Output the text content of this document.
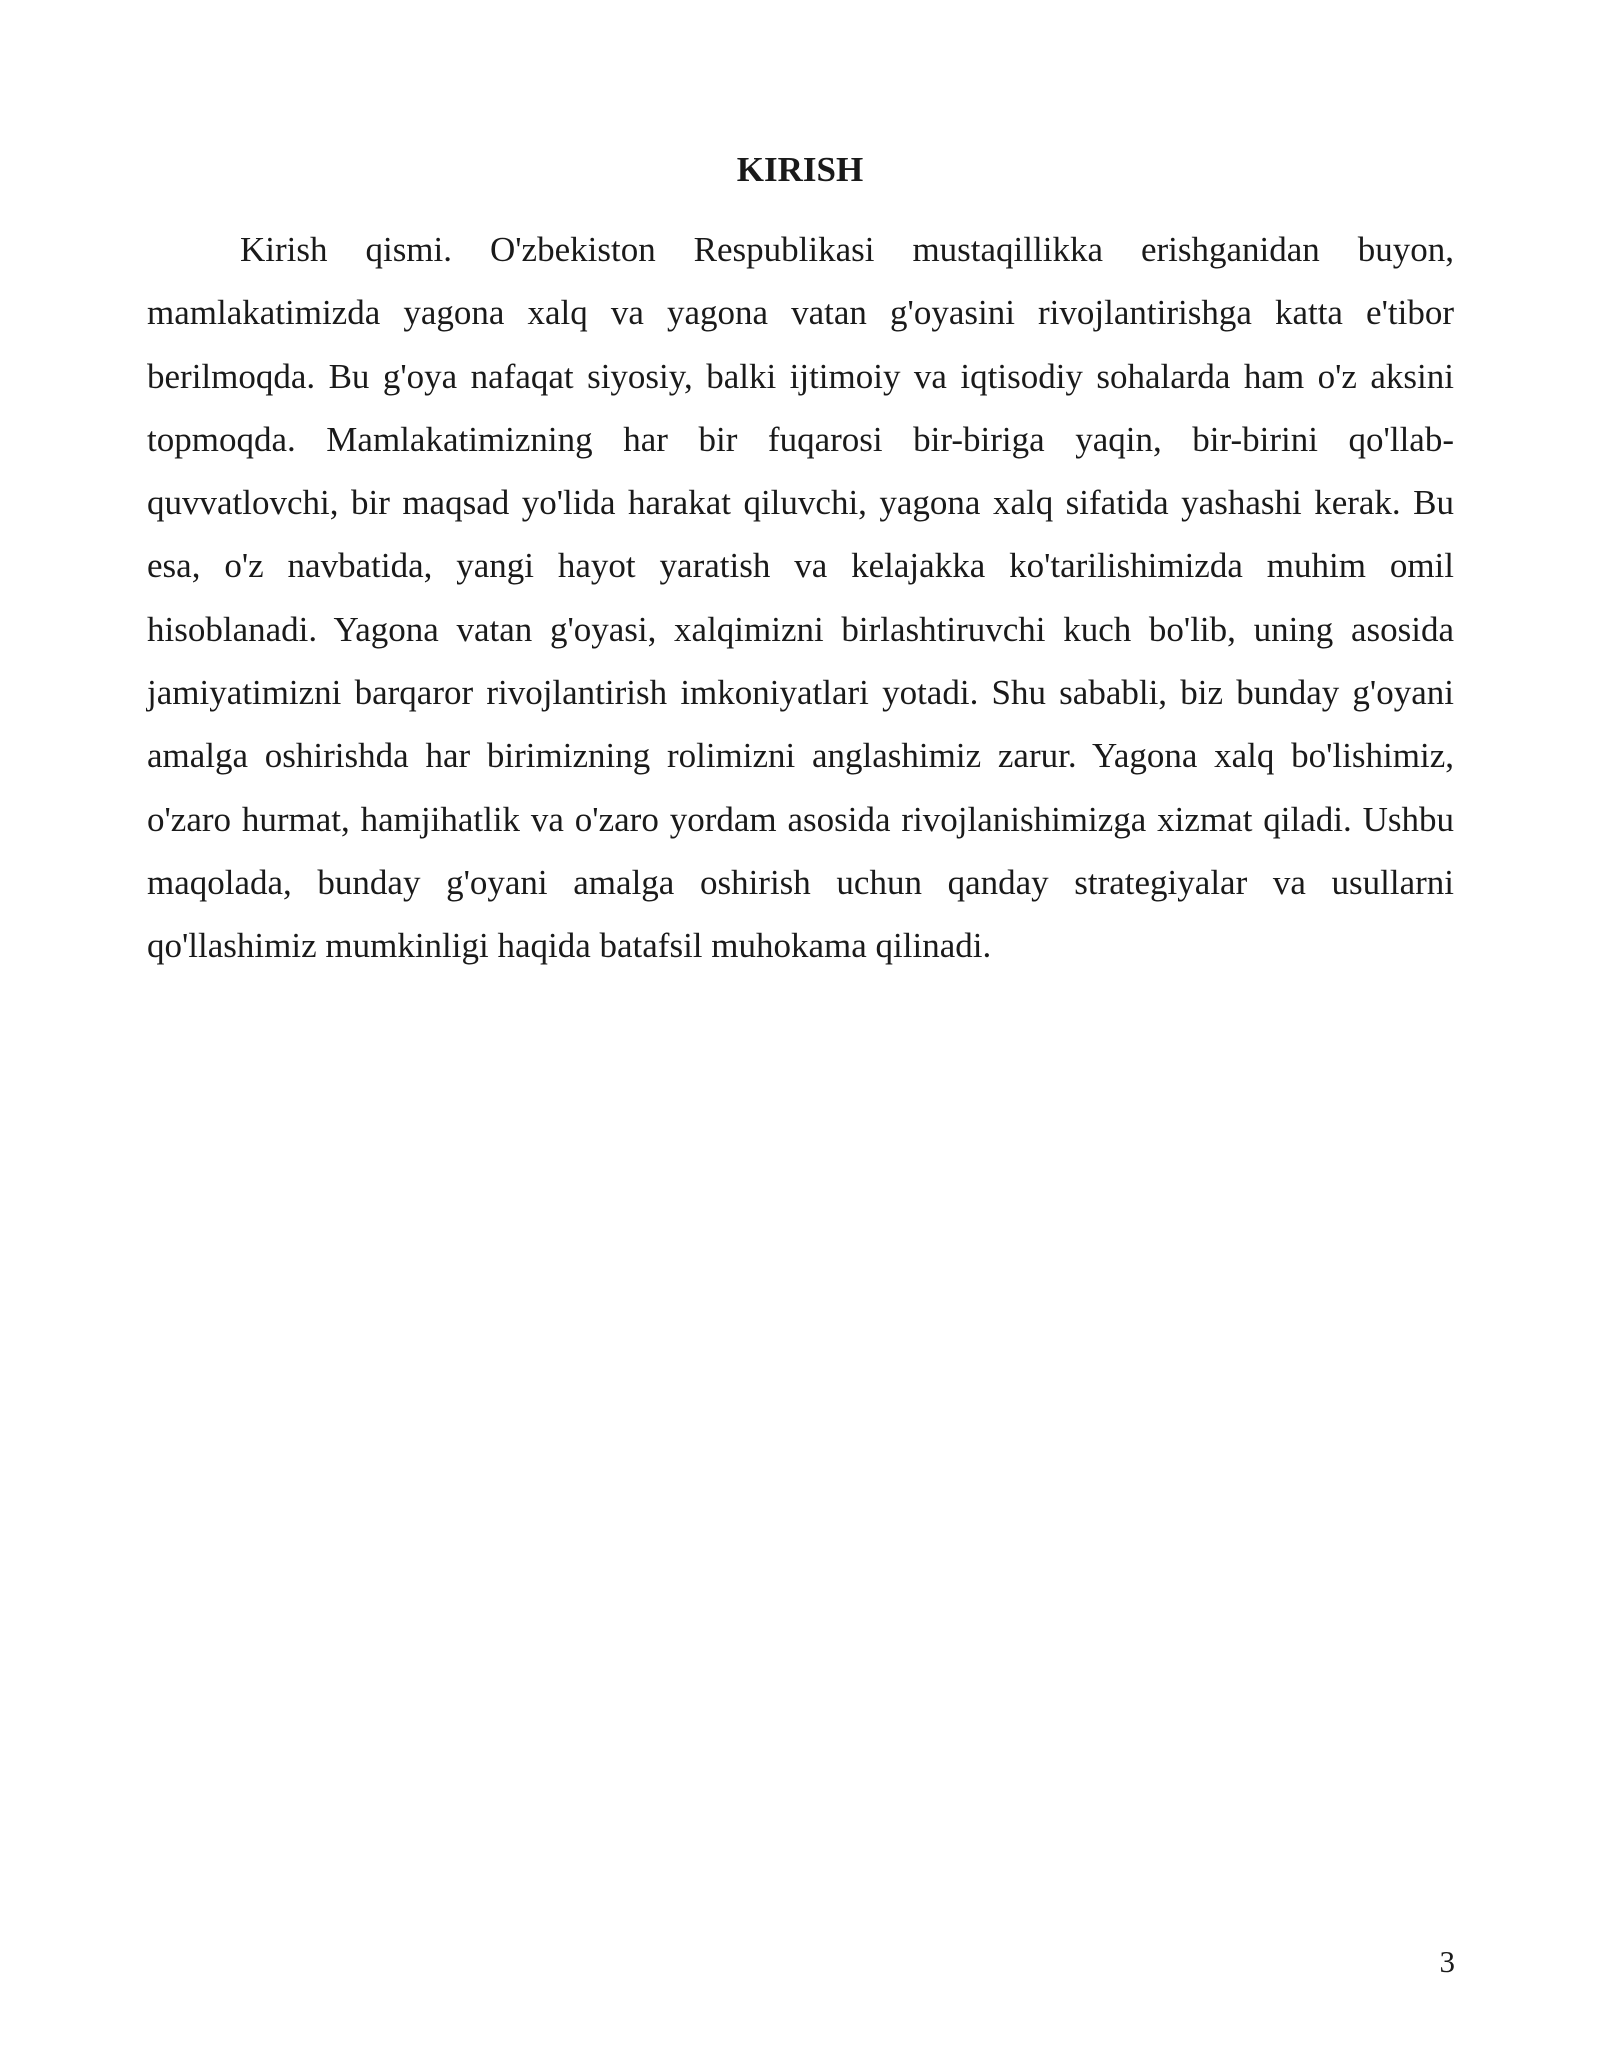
KIRISH

Kirish qismi. O'zbekiston Respublikasi mustaqillikka erishganidan buyon, mamlakatimizda yagona xalq va yagona vatan g'oyasini rivojlantirishga katta e'tibor berilmoqda. Bu g'oya nafaqat siyosiy, balki ijtimoiy va iqtisodiy sohalarda ham o'z aksini topmoqda. Mamlakatimizning har bir fuqarosi bir-biriga yaqin, bir-birini qo'llab-quvvatlovchi, bir maqsad yo'lida harakat qiluvchi, yagona xalq sifatida yashashi kerak. Bu esa, o'z navbatida, yangi hayot yaratish va kelajakka ko'tarilishimizda muhim omil hisoblanadi. Yagona vatan g'oyasi, xalqimizni birlashtiruvchi kuch bo'lib, uning asosida jamiyatimizni barqaror rivojlantirish imkoniyatlari yotadi. Shu sababli, biz bunday g'oyani amalga oshirishda har birimizning rolimizni anglashimiz zarur. Yagona xalq bo'lishimiz, o'zaro hurmat, hamjihatlik va o'zaro yordam asosida rivojlanishimizga xizmat qiladi. Ushbu maqolada, bunday g'oyani amalga oshirish uchun qanday strategiyalar va usullarni qo'llashimiz mumkinligi haqida batafsil muhokama qilinadi.

3
